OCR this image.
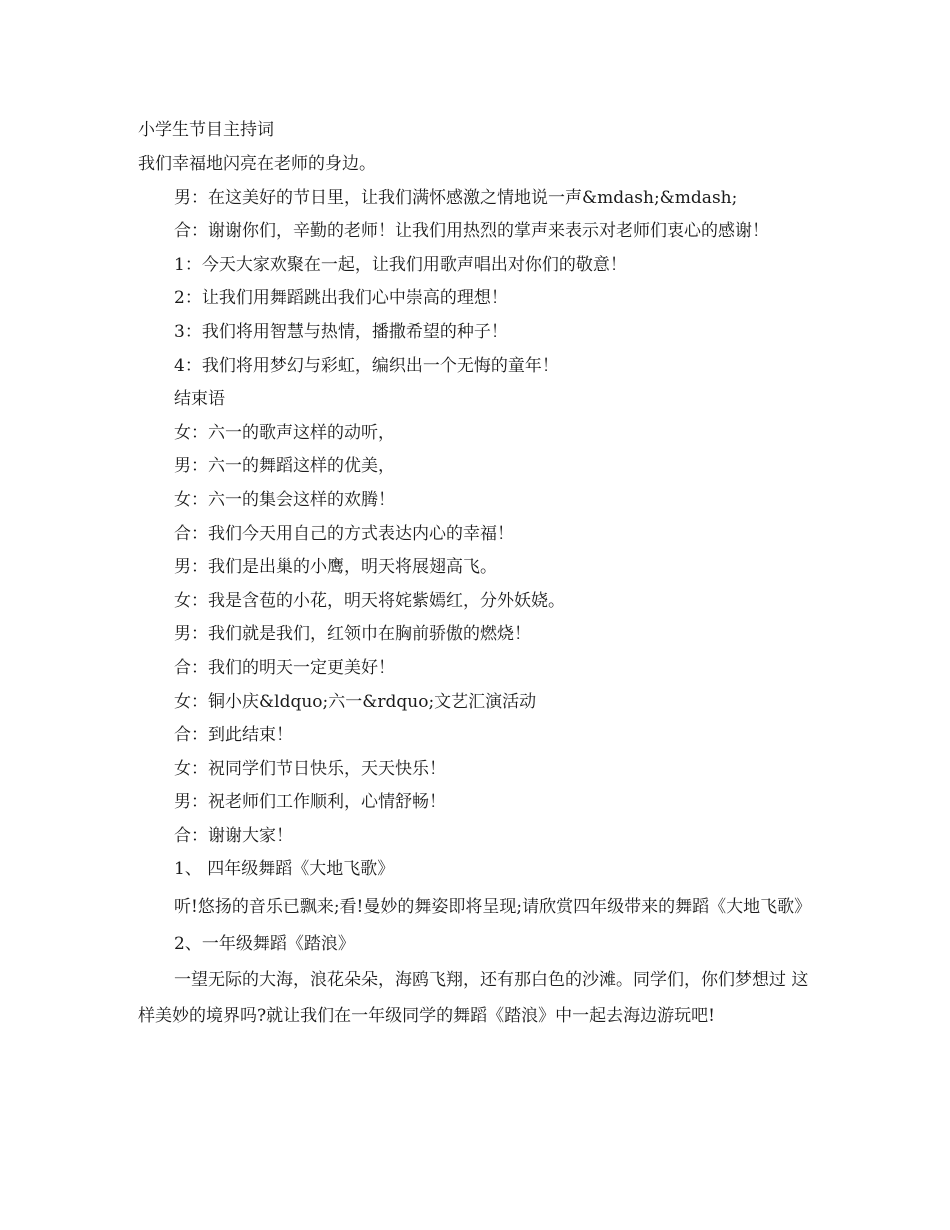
小学生节目主持词
我们幸福地闪亮在老师的身边。
男：在这美好的节日里，让我们满怀感激之情地说一声&mdash;&mdash;
合：谢谢你们，辛勤的老师！让我们用热烈的掌声来表示对老师们衷心的感谢！
1：今天大家欢聚在一起，让我们用歌声唱出对你们的敬意！
2：让我们用舞蹈跳出我们心中崇高的理想！
3：我们将用智慧与热情，播撒希望的种子！
4：我们将用梦幻与彩虹，编织出一个无悔的童年！
结束语
女：六一的歌声这样的动听，
男：六一的舞蹈这样的优美，
女：六一的集会这样的欢腾！
合：我们今天用自己的方式表达内心的幸福！
男：我们是出巢的小鹰，明天将展翅高飞。
女：我是含苞的小花，明天将姹紫嫣红，分外妖娆。
男：我们就是我们，红领巾在胸前骄傲的燃烧！
合：我们的明天一定更美好！
女：铜小庆&ldquo;六一&rdquo;文艺汇演活动
合：到此结束！
女：祝同学们节日快乐，天天快乐！
男：祝老师们工作顺利，心情舒畅！
合：谢谢大家！
1、 四年级舞蹈《大地飞歌》

听!悠扬的音乐已飘来;看!曼妙的舞姿即将呈现;请欣赏四年级带来的舞蹈《大地飞歌》

2、一年级舞蹈《踏浪》

一望无际的大海，浪花朵朵，海鸥飞翔，还有那白色的沙滩。同学们，你们梦想过 这样美妙的境界吗?就让我们在一年级同学的舞蹈《踏浪》中一起去海边游玩吧!
